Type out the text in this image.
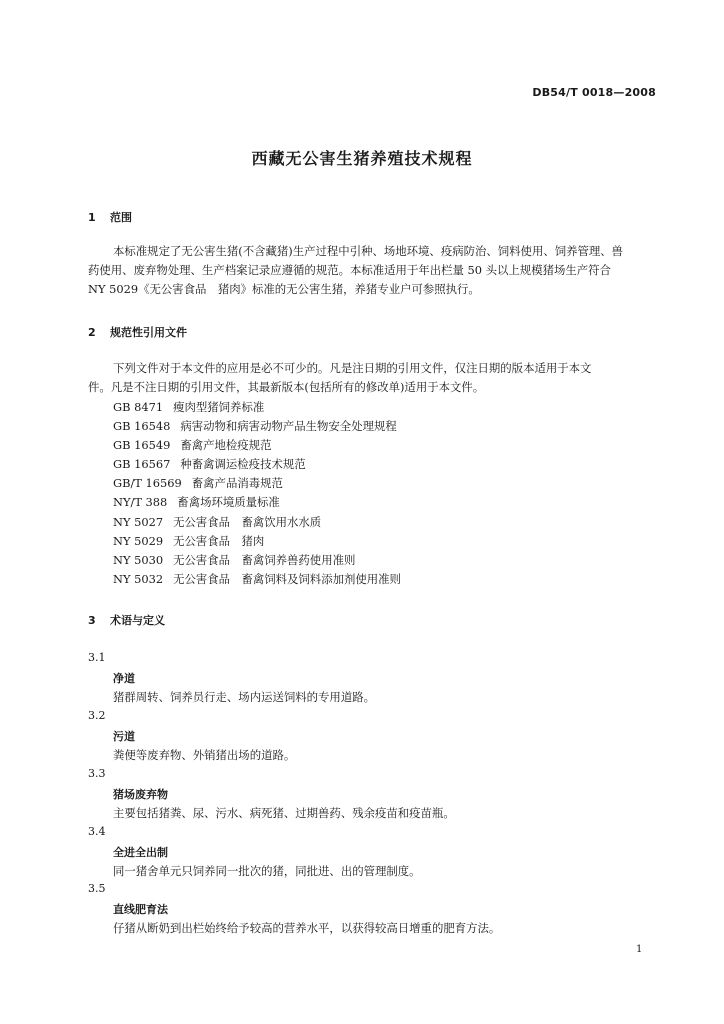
DB54/T 0018—2008
西藏无公害生猪养殖技术规程
1 范围
本标准规定了无公害生猪(不含藏猪)生产过程中引种、场地环境、疫病防治、饲料使用、饲养管理、兽
药使用、废弃物处理、生产档案记录应遵循的规范。本标准适用于年出栏量 50 头以上规模猪场生产符合
NY 5029《无公害食品　猪肉》标准的无公害生猪，养猪专业户可参照执行。
2 规范性引用文件
下列文件对于本文件的应用是必不可少的。凡是注日期的引用文件，仅注日期的版本适用于本文
件。凡是不注日期的引用文件，其最新版本(包括所有的修改单)适用于本文件。
GB 8471 瘦肉型猪饲养标准
GB 16548 病害动物和病害动物产品生物安全处理规程
GB 16549 畜禽产地检疫规范
GB 16567 种畜禽调运检疫技术规范
GB/T 16569 畜禽产品消毒规范
NY/T 388 畜禽场环境质量标准
NY 5027 无公害食品　畜禽饮用水水质
NY 5029 无公害食品　猪肉
NY 5030 无公害食品　畜禽饲养兽药使用准则
NY 5032 无公害食品　畜禽饲料及饲料添加剂使用准则
3 术语与定义
3.1
净道
猪群周转、饲养员行走、场内运送饲料的专用道路。
3.2
污道
粪便等废弃物、外销猪出场的道路。
3.3
猪场废弃物
主要包括猪粪、尿、污水、病死猪、过期兽药、残余疫苗和疫苗瓶。
3.4
全进全出制
同一猪舍单元只饲养同一批次的猪，同批进、出的管理制度。
3.5
直线肥育法
仔猪从断奶到出栏始终给予较高的营养水平，以获得较高日增重的肥育方法。
1
